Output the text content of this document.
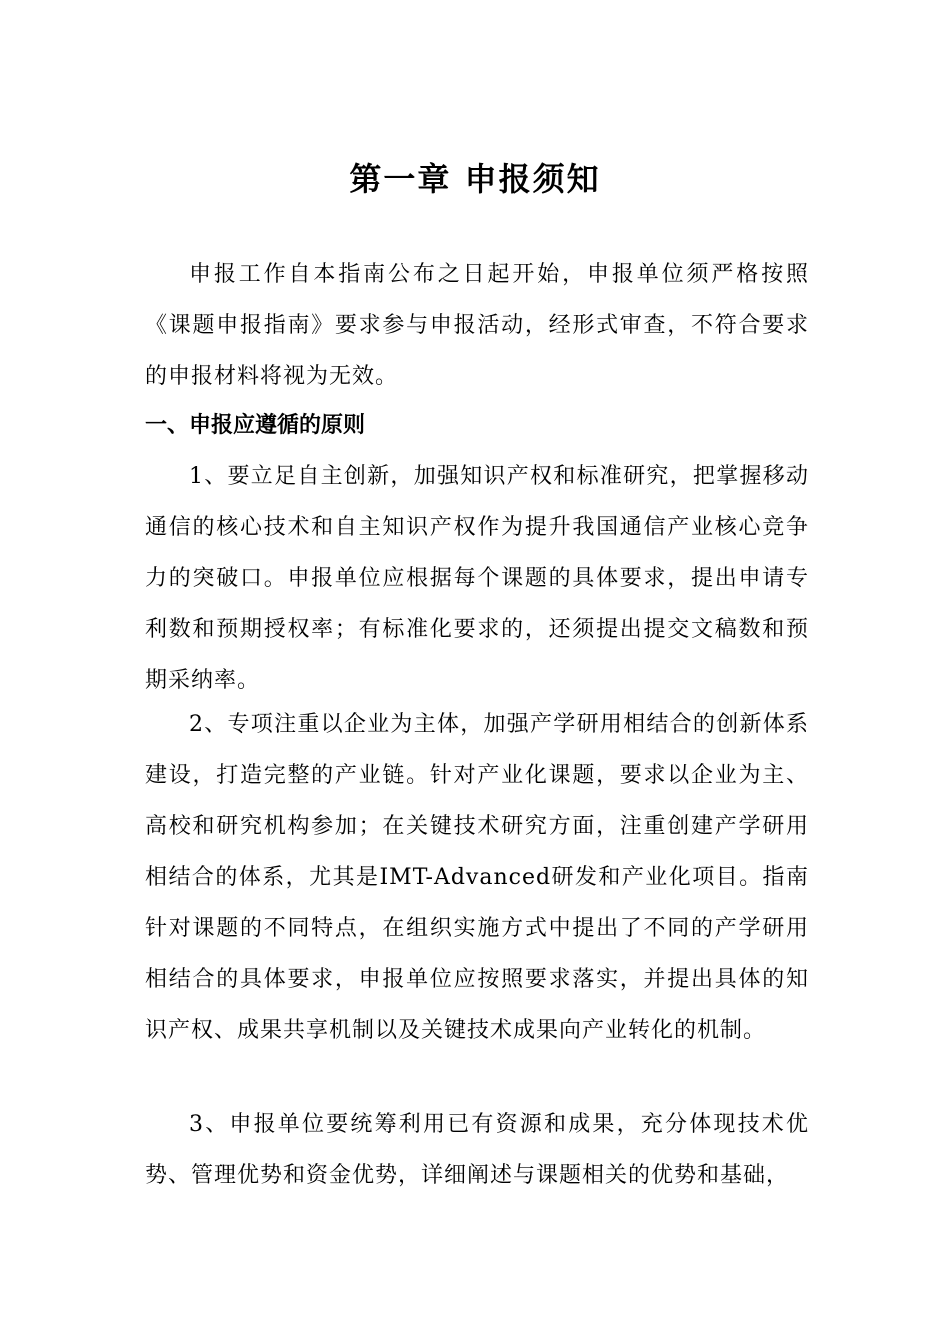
第一章 申报须知

申报工作自本指南公布之日起开始，申报单位须严格按照《课题申报指南》要求参与申报活动，经形式审查，不符合要求的申报材料将视为无效。

一、申报应遵循的原则

1、要立足自主创新，加强知识产权和标准研究，把掌握移动通信的核心技术和自主知识产权作为提升我国通信产业核心竞争力的突破口。申报单位应根据每个课题的具体要求，提出申请专利数和预期授权率；有标准化要求的，还须提出提交文稿数和预期采纳率。

2、专项注重以企业为主体，加强产学研用相结合的创新体系建设，打造完整的产业链。针对产业化课题，要求以企业为主、高校和研究机构参加；在关键技术研究方面，注重创建产学研用相结合的体系，尤其是IMT-Advanced研发和产业化项目。指南针对课题的不同特点，在组织实施方式中提出了不同的产学研用相结合的具体要求，申报单位应按照要求落实，并提出具体的知识产权、成果共享机制以及关键技术成果向产业转化的机制。

3、申报单位要统筹利用已有资源和成果，充分体现技术优势、管理优势和资金优势，详细阐述与课题相关的优势和基础，
